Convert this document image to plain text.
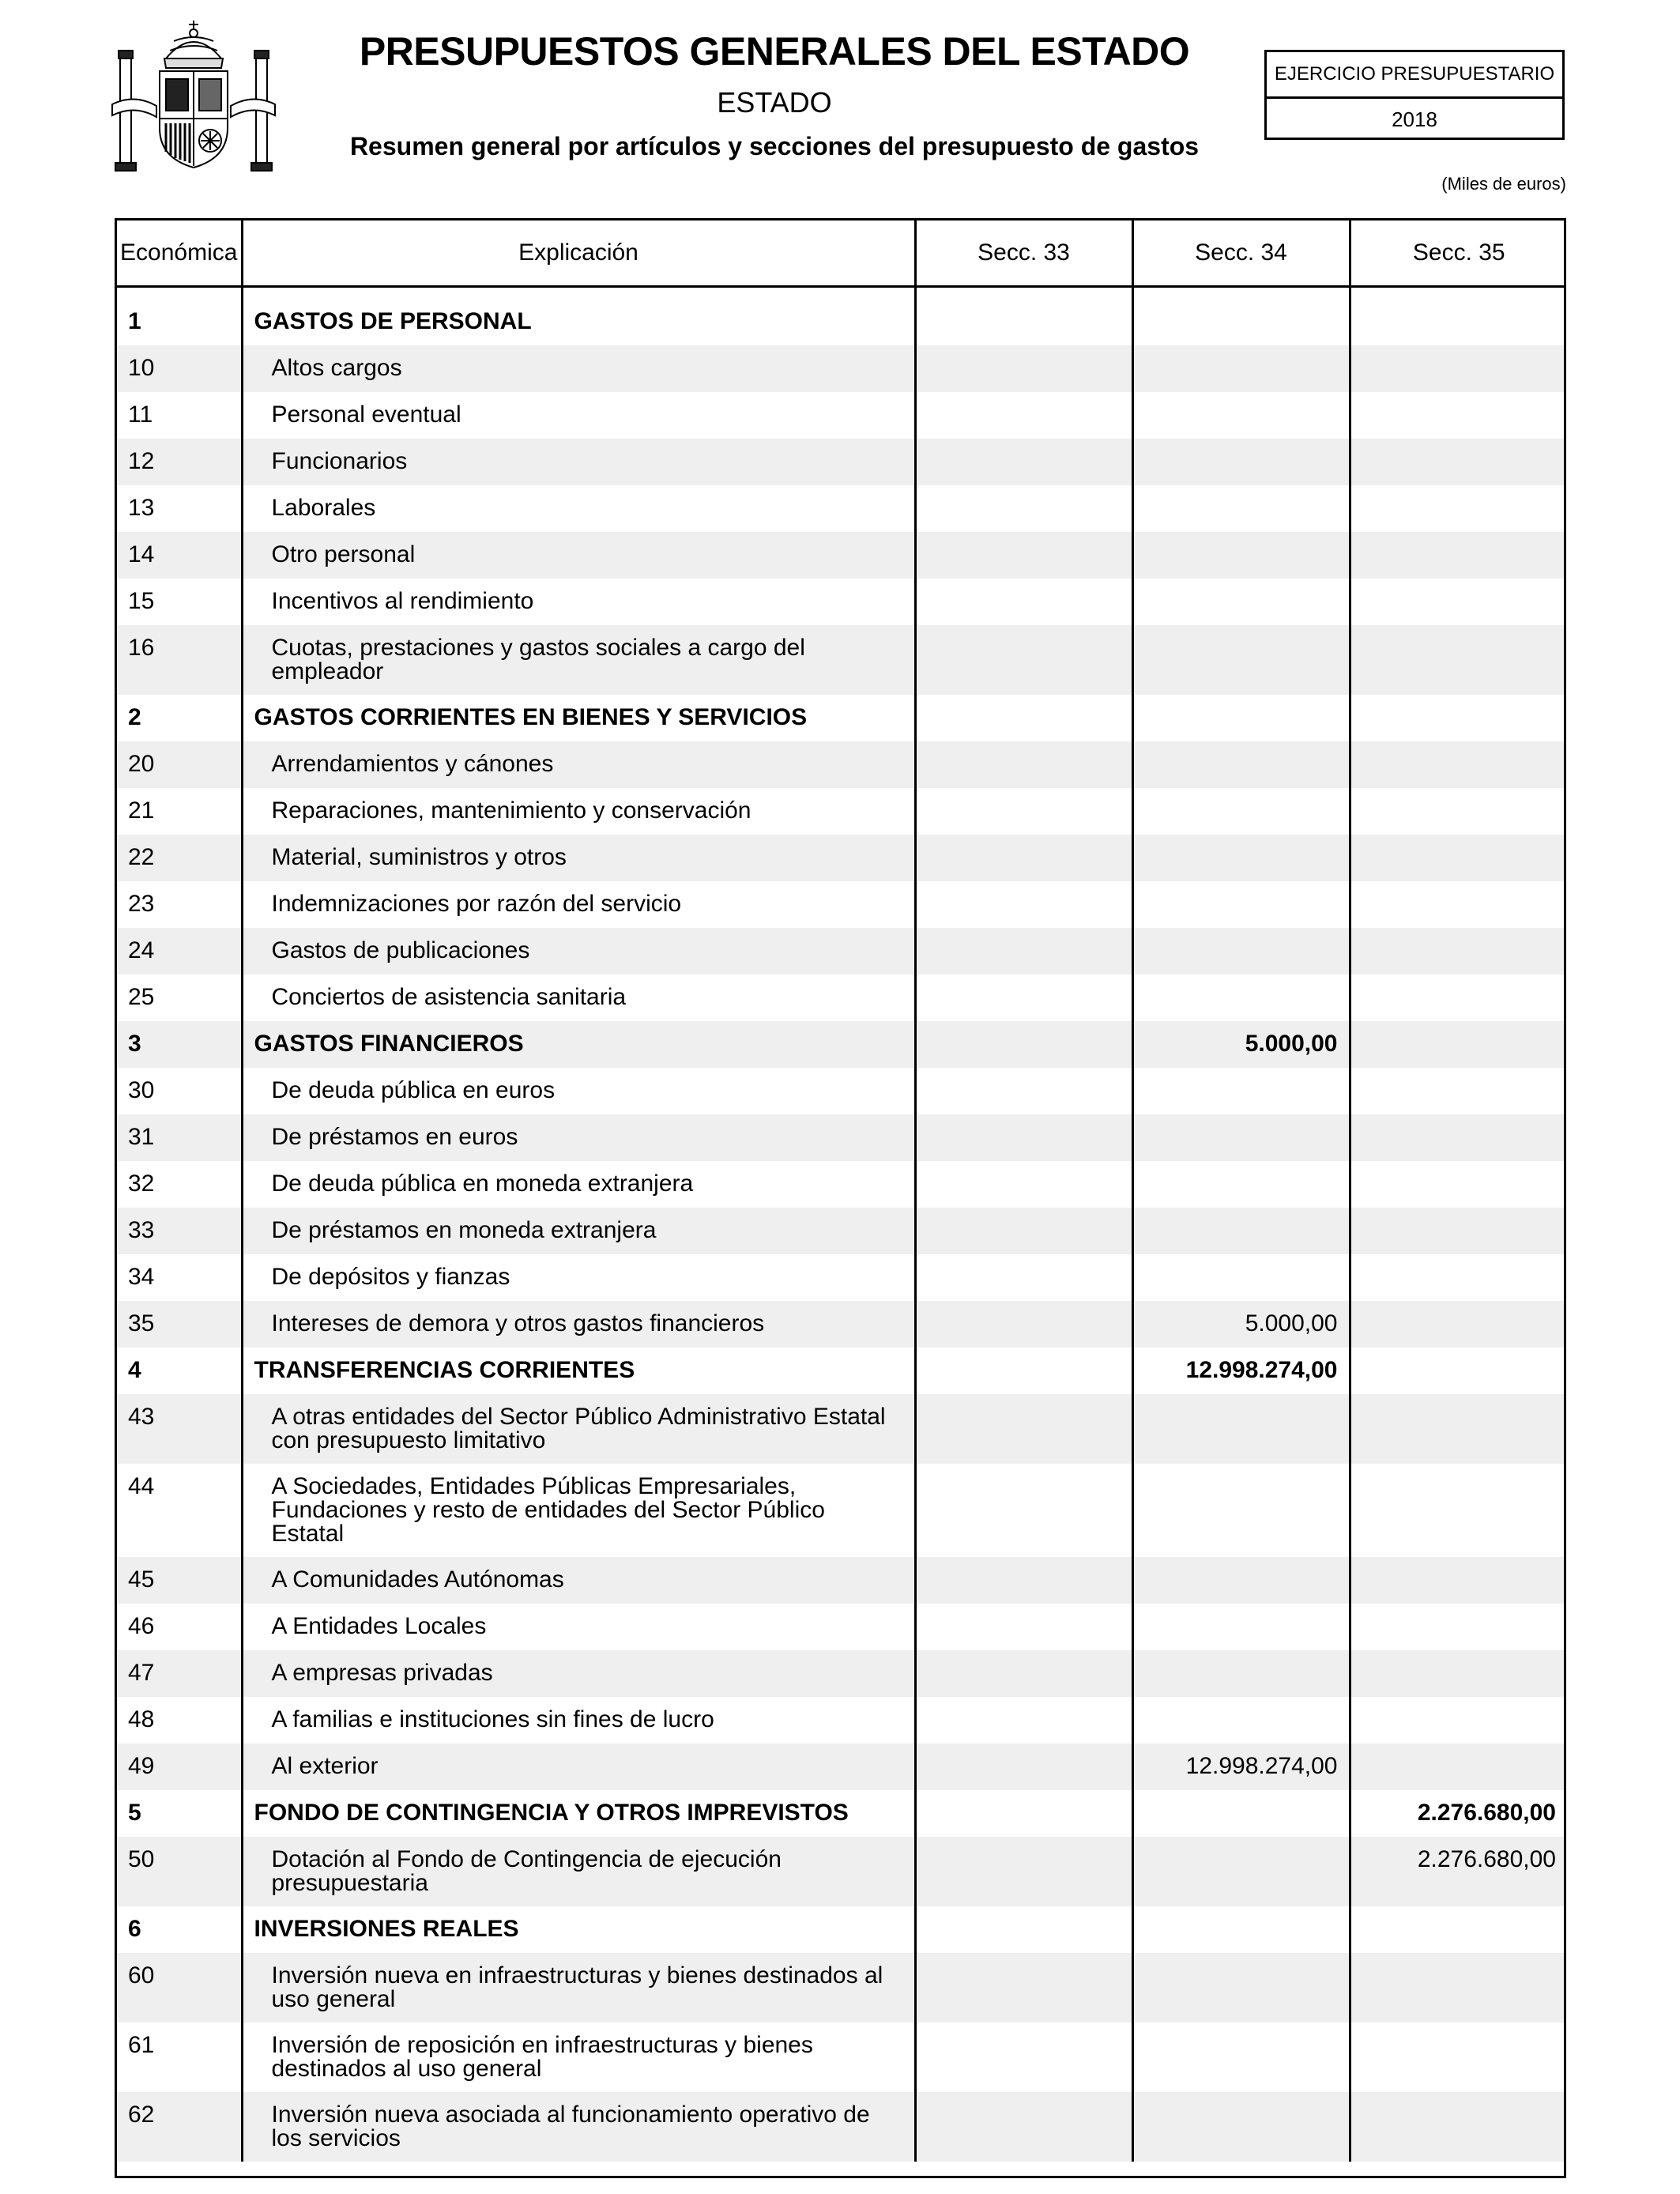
PRESUPUESTOS GENERALES DEL ESTADO
ESTADO
Resumen general por artículos y secciones del presupuesto de gastos
EJERCICIO PRESUPUESTARIO
2018
(Miles de euros)
Económica	Explicación	Secc. 33	Secc. 34	Secc. 35

1	GASTOS DE PERSONAL			
10	Altos cargos			
11	Personal eventual			
12	Funcionarios			
13	Laborales			
14	Otro personal			
15	Incentivos al rendimiento			
16	Cuotas, prestaciones y gastos sociales a cargo del empleador			
2	GASTOS CORRIENTES EN BIENES Y SERVICIOS			
20	Arrendamientos y cánones			
21	Reparaciones, mantenimiento y conservación			
22	Material, suministros y otros			
23	Indemnizaciones por razón del servicio			
24	Gastos de publicaciones			
25	Conciertos de asistencia sanitaria			
3	GASTOS FINANCIEROS		5.000,00	
30	De deuda pública en euros			
31	De préstamos en euros			
32	De deuda pública en moneda extranjera			
33	De préstamos en moneda extranjera			
34	De depósitos y fianzas			
35	Intereses de demora y otros gastos financieros		5.000,00	
4	TRANSFERENCIAS CORRIENTES		12.998.274,00	
43	A otras entidades del Sector Público Administrativo Estatal con presupuesto limitativo			
44	A Sociedades, Entidades Públicas Empresariales, Fundaciones y resto de entidades del Sector Público Estatal			
45	A Comunidades Autónomas			
46	A Entidades Locales			
47	A empresas privadas			
48	A familias e instituciones sin fines de lucro			
49	Al exterior		12.998.274,00	
5	FONDO DE CONTINGENCIA Y OTROS IMPREVISTOS			2.276.680,00
50	Dotación al Fondo de Contingencia de ejecución presupuestaria			2.276.680,00
6	INVERSIONES REALES			
60	Inversión nueva en infraestructuras y bienes destinados al uso general			
61	Inversión de reposición en infraestructuras y bienes destinados al uso general			
62	Inversión nueva asociada al funcionamiento operativo de los servicios			
